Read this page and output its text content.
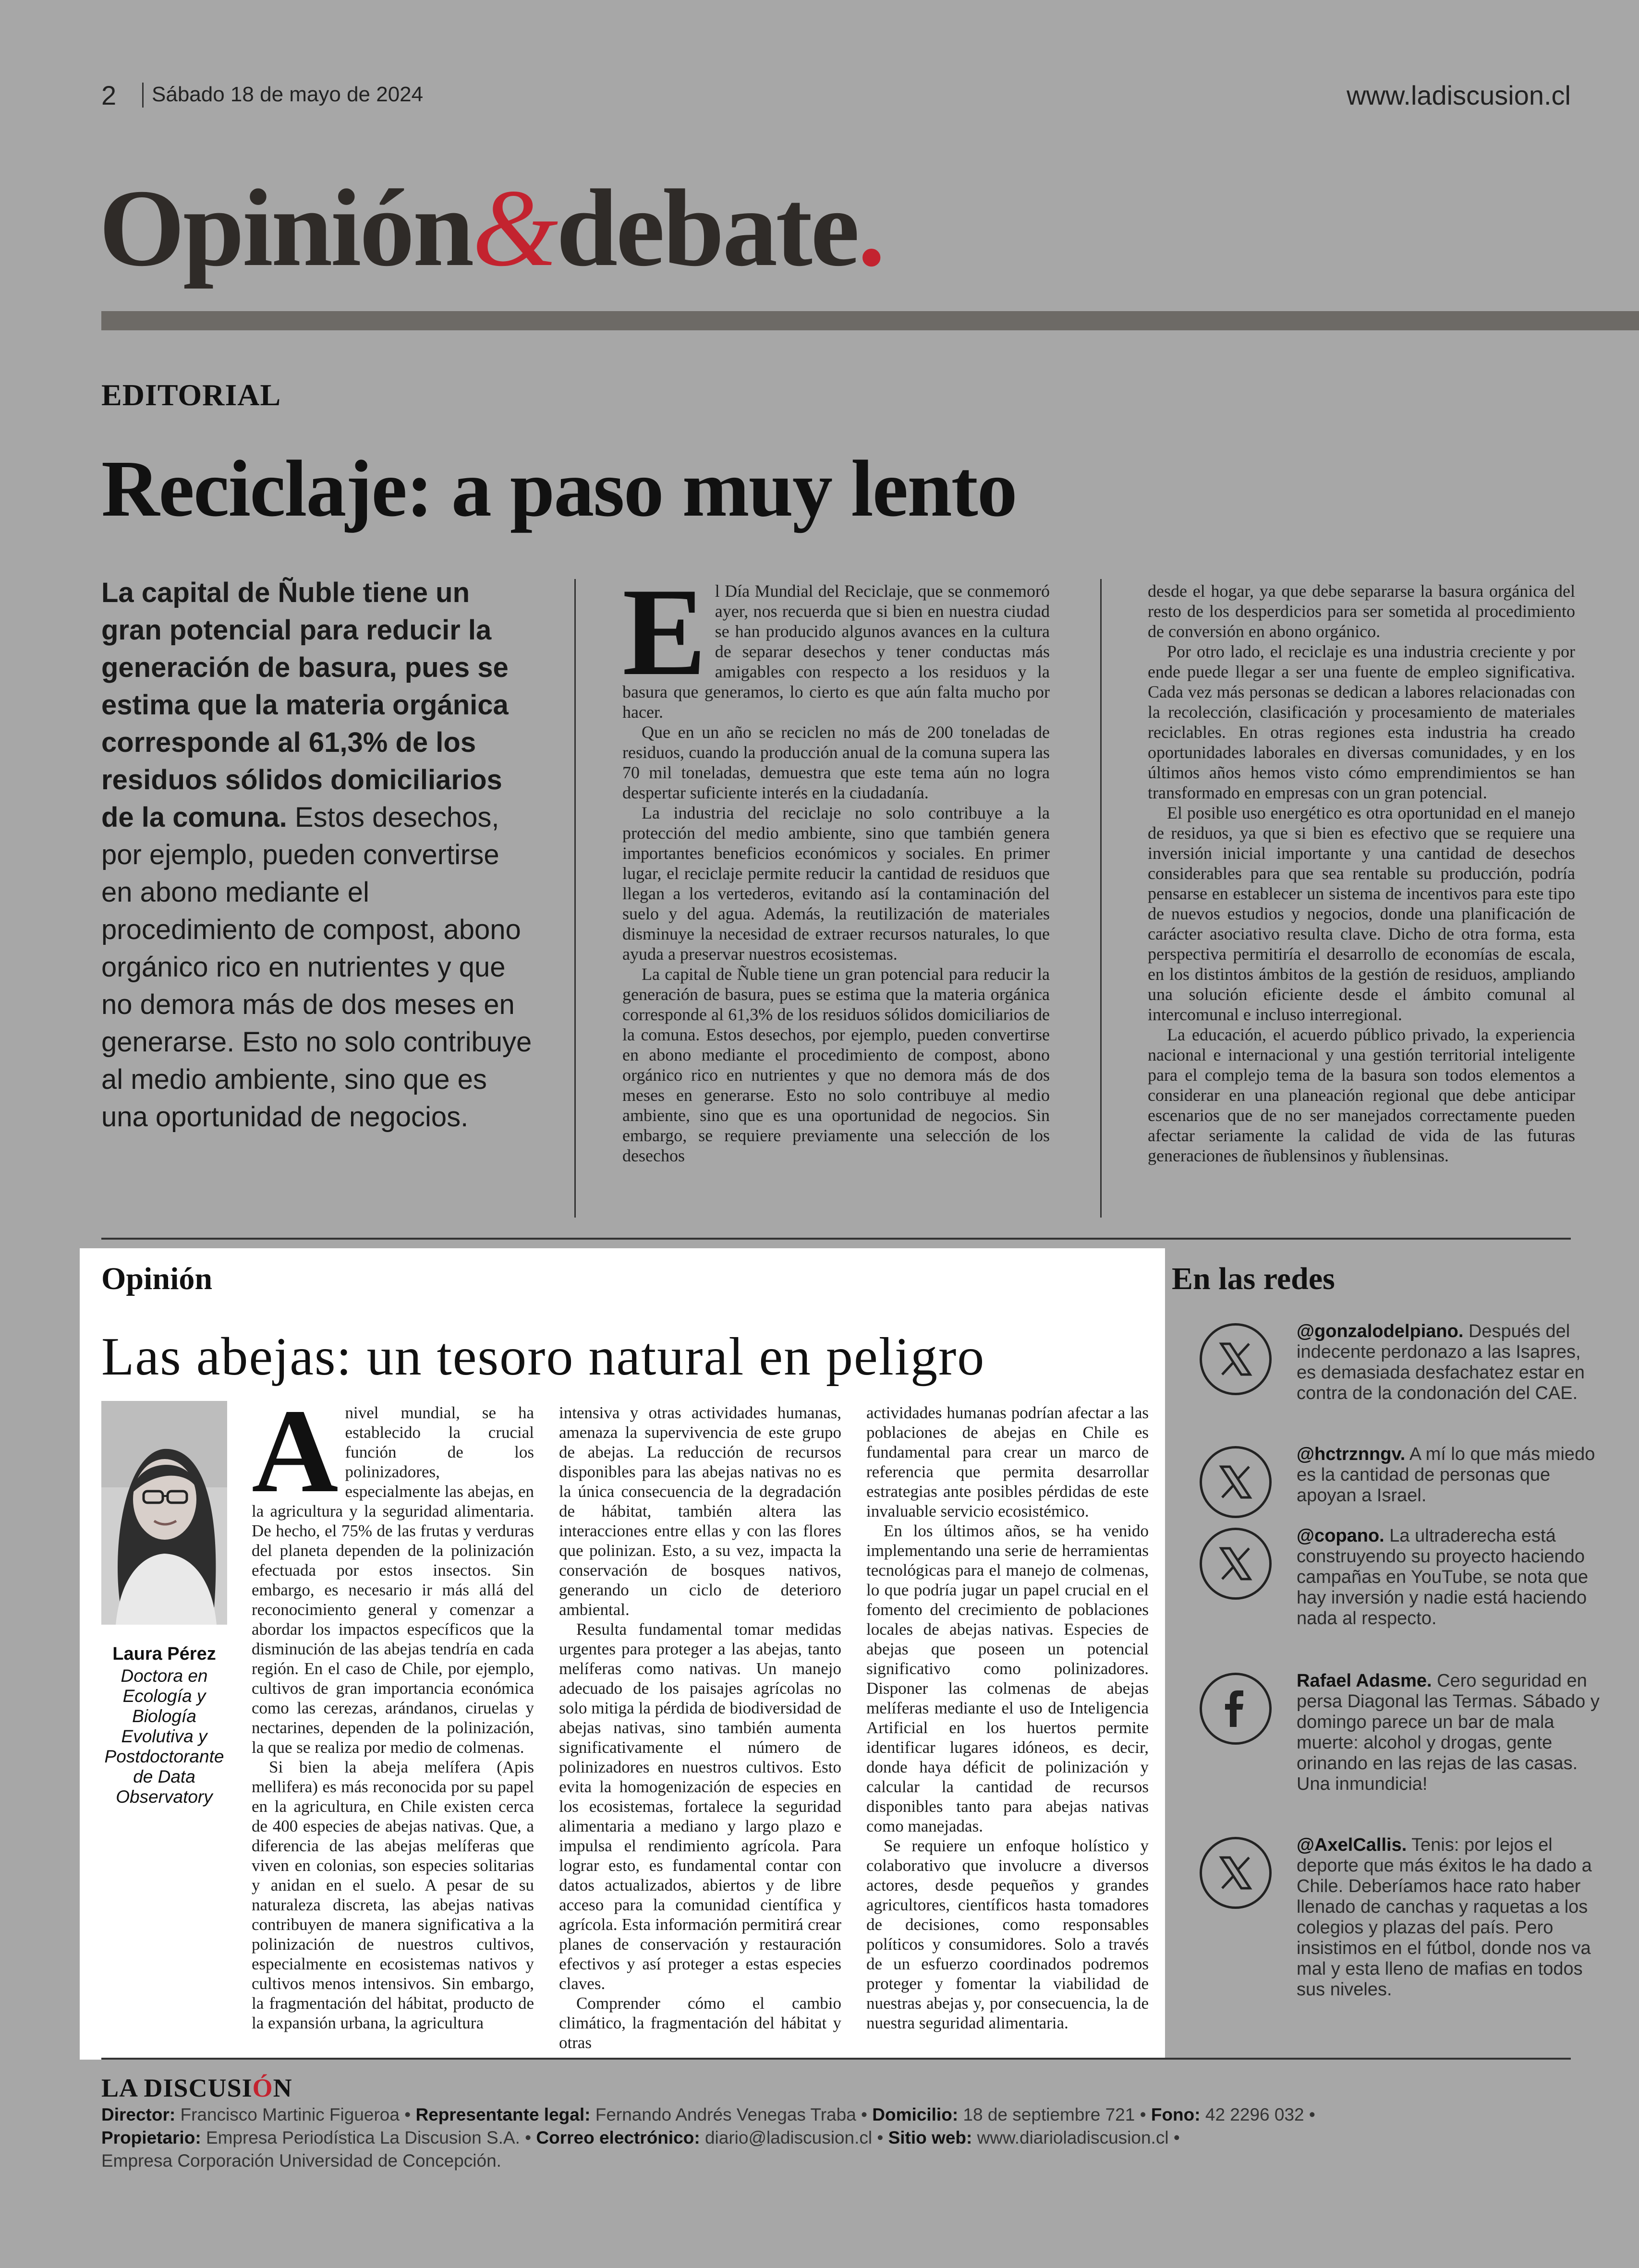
2 Sábado 18 de mayo de 2024	www.ladiscusion.cl
Opinión&debate.
EDITORIAL
Reciclaje: a paso muy lento
La capital de Ñuble tiene un gran potencial para reducir la generación de basura, pues se estima que la materia orgánica corresponde al 61,3% de los residuos sólidos domiciliarios de la comuna. Estos desechos, por ejemplo, pueden convertirse en abono mediante el procedimiento de compost, abono orgánico rico en nutrientes y que no demora más de dos meses en generarse. Esto no solo contribuye al medio ambiente, sino que es una oportunidad de negocios.

El Día Mundial del Reciclaje, que se conmemoró ayer, nos recuerda que si bien en nuestra ciudad se han producido algunos avances en la cultura de separar desechos y tener conductas más amigables con respecto a los residuos y la basura que generamos, lo cierto es que aún falta mucho por hacer.

Que en un año se reciclen no más de 200 toneladas de residuos, cuando la producción anual de la comuna supera las 70 mil toneladas, demuestra que este tema aún no logra despertar suficiente interés en la ciudadanía.

La industria del reciclaje no solo contribuye a la protección del medio ambiente, sino que también genera importantes beneficios económicos y sociales. En primer lugar, el reciclaje permite reducir la cantidad de residuos que llegan a los vertederos, evitando así la contaminación del suelo y del agua. Además, la reutilización de materiales disminuye la necesidad de extraer recursos naturales, lo que ayuda a preservar nuestros ecosistemas.

La capital de Ñuble tiene un gran potencial para reducir la generación de basura, pues se estima que la materia orgánica corresponde al 61,3% de los residuos sólidos domiciliarios de la comuna. Estos desechos, por ejemplo, pueden convertirse en abono mediante el procedimiento de compost, abono orgánico rico en nutrientes y que no demora más de dos meses en generarse. Esto no solo contribuye al medio ambiente, sino que es una oportunidad de negocios. Sin embargo, se requiere previamente una selección de los desechos

desde el hogar, ya que debe separarse la basura orgánica del resto de los desperdicios para ser sometida al procedimiento de conversión en abono orgánico.

Por otro lado, el reciclaje es una industria creciente y por ende puede llegar a ser una fuente de empleo significativa. Cada vez más personas se dedican a labores relacionadas con la recolección, clasificación y procesamiento de materiales reciclables. En otras regiones esta industria ha creado oportunidades laborales en diversas comunidades, y en los últimos años hemos visto cómo emprendimientos se han transformado en empresas con un gran potencial.

El posible uso energético es otra oportunidad en el manejo de residuos, ya que si bien es efectivo que se requiere una inversión inicial importante y una cantidad de desechos considerables para que sea rentable su producción, podría pensarse en establecer un sistema de incentivos para este tipo de nuevos estudios y negocios, donde una planificación de carácter asociativo resulta clave. Dicho de otra forma, esta perspectiva permitiría el desarrollo de economías de escala, en los distintos ámbitos de la gestión de residuos, ampliando una solución eficiente desde el ámbito comunal al intercomunal e incluso interregional.

La educación, el acuerdo público privado, la experiencia nacional e internacional y una gestión territorial inteligente para el complejo tema de la basura son todos elementos a considerar en una planeación regional que debe anticipar escenarios que de no ser manejados correctamente pueden afectar seriamente la calidad de vida de las futuras generaciones de ñublensinos y ñublensinas.

Opinión
Las abejas: un tesoro natural en peligro
Laura Pérez
Doctora en Ecología y Biología Evolutiva y Postdoctorante de Data Observatory

A nivel mundial, se ha establecido la crucial función de los polinizadores, especialmente las abejas, en la agricultura y la seguridad alimentaria. De hecho, el 75% de las frutas y verduras del planeta dependen de la polinización efectuada por estos insectos. Sin embargo, es necesario ir más allá del reconocimiento general y comenzar a abordar los impactos específicos que la disminución de las abejas tendría en cada región. En el caso de Chile, por ejemplo, cultivos de gran importancia económica como las cerezas, arándanos, ciruelas y nectarines, dependen de la polinización, la que se realiza por medio de colmenas.

Si bien la abeja melífera (Apis mellifera) es más reconocida por su papel en la agricultura, en Chile existen cerca de 400 especies de abejas nativas. Que, a diferencia de las abejas melíferas que viven en colonias, son especies solitarias y anidan en el suelo. A pesar de su naturaleza discreta, las abejas nativas contribuyen de manera significativa a la polinización de nuestros cultivos, especialmente en ecosistemas nativos y cultivos menos intensivos. Sin embargo, la fragmentación del hábitat, producto de la expansión urbana, la agricultura

intensiva y otras actividades humanas, amenaza la supervivencia de este grupo de abejas. La reducción de recursos disponibles para las abejas nativas no es la única consecuencia de la degradación de hábitat, también altera las interacciones entre ellas y con las flores que polinizan. Esto, a su vez, impacta la conservación de bosques nativos, generando un ciclo de deterioro ambiental.

Resulta fundamental tomar medidas urgentes para proteger a las abejas, tanto melíferas como nativas. Un manejo adecuado de los paisajes agrícolas no solo mitiga la pérdida de biodiversidad de abejas nativas, sino también aumenta significativamente el número de polinizadores en nuestros cultivos. Esto evita la homogenización de especies en los ecosistemas, fortalece la seguridad alimentaria a mediano y largo plazo e impulsa el rendimiento agrícola. Para lograr esto, es fundamental contar con datos actualizados, abiertos y de libre acceso para la comunidad científica y agrícola. Esta información permitirá crear planes de conservación y restauración efectivos y así proteger a estas especies claves.

Comprender cómo el cambio climático, la fragmentación del hábitat y otras

actividades humanas podrían afectar a las poblaciones de abejas en Chile es fundamental para crear un marco de referencia que permita desarrollar estrategias ante posibles pérdidas de este invaluable servicio ecosistémico.

En los últimos años, se ha venido implementando una serie de herramientas tecnológicas para el manejo de colmenas, lo que podría jugar un papel crucial en el fomento del crecimiento de poblaciones locales de abejas nativas. Especies de abejas que poseen un potencial significativo como polinizadores. Disponer las colmenas de abejas melíferas mediante el uso de Inteligencia Artificial en los huertos permite identificar lugares idóneos, es decir, donde haya déficit de polinización y calcular la cantidad de recursos disponibles tanto para abejas nativas como manejadas.

Se requiere un enfoque holístico y colaborativo que involucre a diversos actores, desde pequeños y grandes agricultores, científicos hasta tomadores de decisiones, como responsables políticos y consumidores. Solo a través de un esfuerzo coordinados podremos proteger y fomentar la viabilidad de nuestras abejas y, por consecuencia, la de nuestra seguridad alimentaria.

En las redes
@gonzalodelpiano. Después del indecente perdonazo a las Isapres, es demasiada desfachatez estar en contra de la condonación del CAE.
@hctrznngv. A mí lo que más miedo es la cantidad de personas que apoyan a Israel.
@copano. La ultraderecha está construyendo su proyecto haciendo campañas en YouTube, se nota que hay inversión y nadie está haciendo nada al respecto.
Rafael Adasme. Cero seguridad en persa Diagonal las Termas. Sábado y domingo parece un bar de mala muerte: alcohol y drogas, gente orinando en las rejas de las casas. Una inmundicia!
@AxelCallis. Tenis: por lejos el deporte que más éxitos le ha dado a Chile. Deberíamos hace rato haber llenado de canchas y raquetas a los colegios y plazas del país. Pero insistimos en el fútbol, donde nos va mal y esta lleno de mafias en todos sus niveles.
LA DISCUSIÓN
Director: Francisco Martinic Figueroa • Representante legal: Fernando Andrés Venegas Traba • Domicilio: 18 de septiembre 721 • Fono: 42 2296 032 •
Propietario: Empresa Periodística La Discusion S.A. • Correo electrónico: diario@ladiscusion.cl • Sitio web: www.diarioladiscusion.cl •
Empresa Corporación Universidad de Concepción.
